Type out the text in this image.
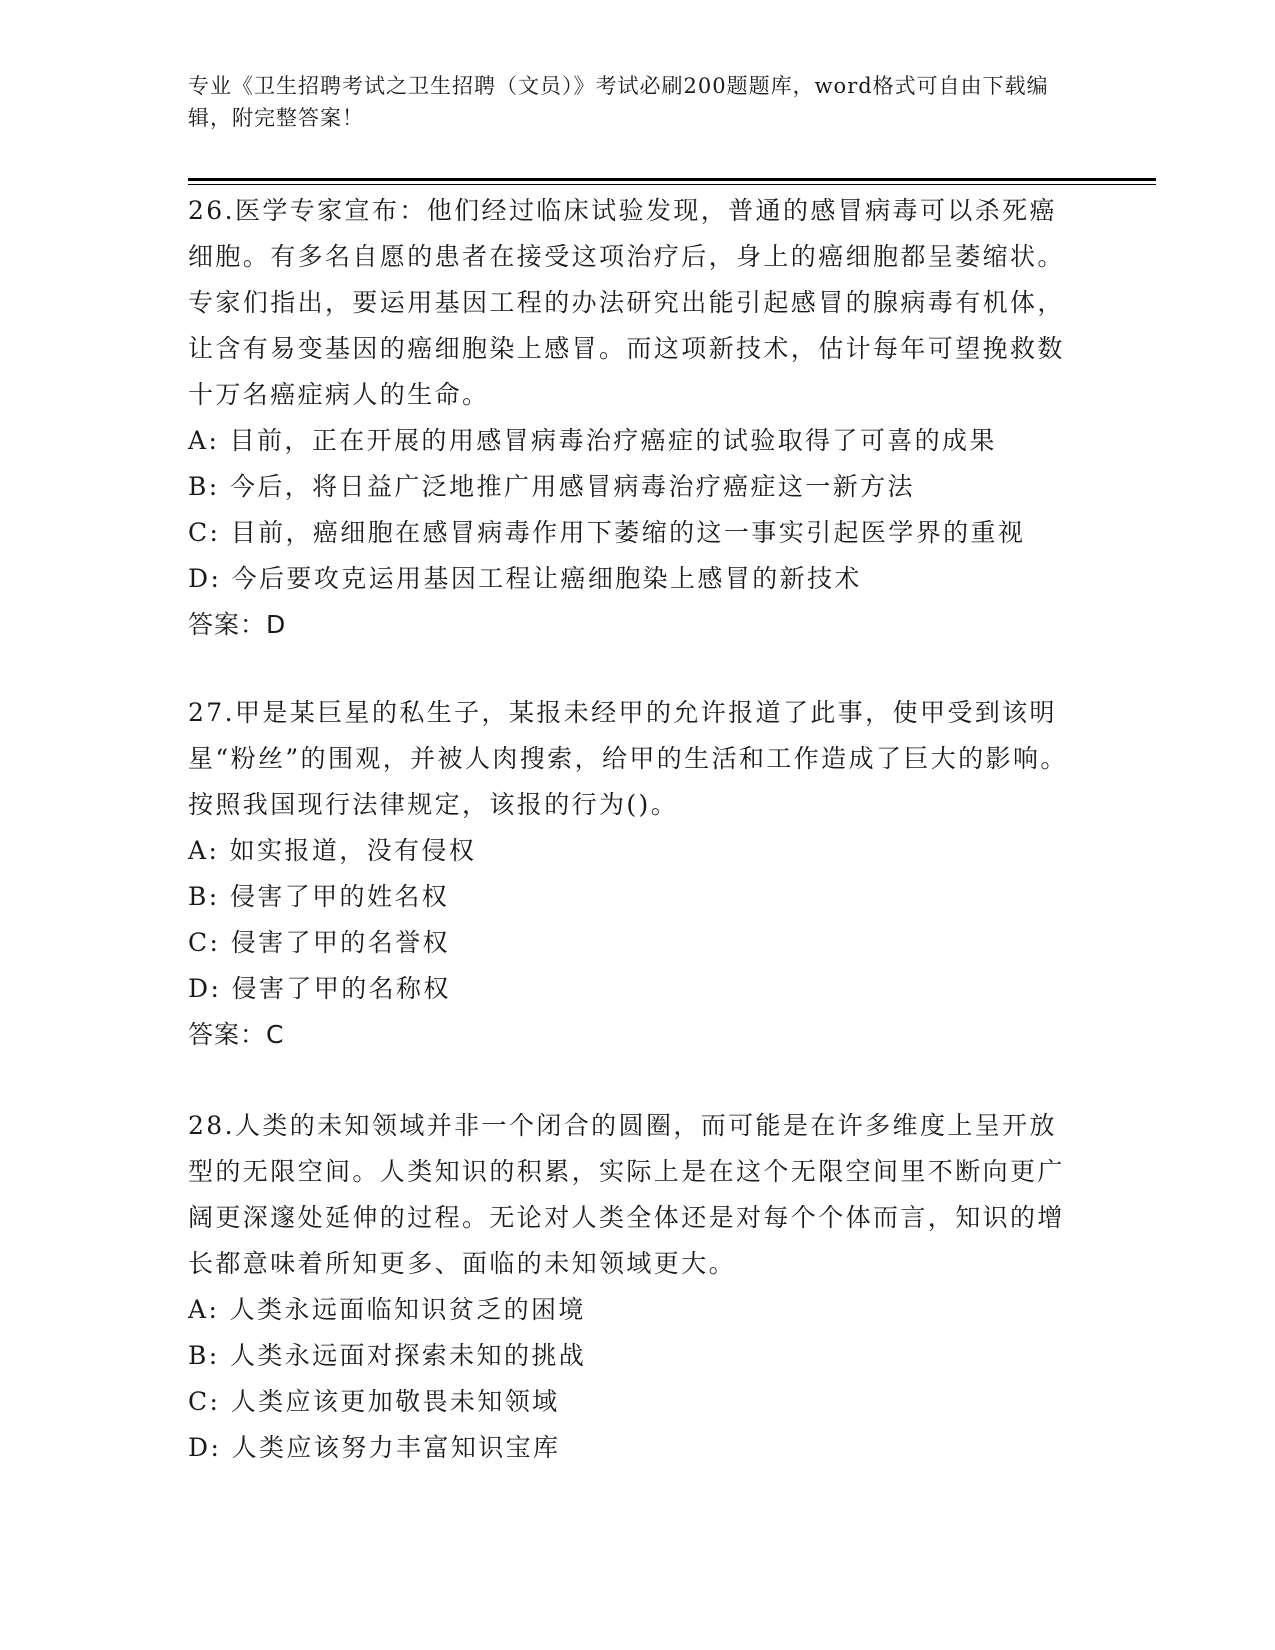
专业《卫生招聘考试之卫生招聘（文员）》考试必刷200题题库，word格式可自由下载编辑，附完整答案！

26.医学专家宣布：他们经过临床试验发现，普通的感冒病毒可以杀死癌细胞。有多名自愿的患者在接受这项治疗后，身上的癌细胞都呈萎缩状。专家们指出，要运用基因工程的办法研究出能引起感冒的腺病毒有机体，让含有易变基因的癌细胞染上感冒。而这项新技术，估计每年可望挽救数十万名癌症病人的生命。

A: 目前，正在开展的用感冒病毒治疗癌症的试验取得了可喜的成果

B: 今后，将日益广泛地推广用感冒病毒治疗癌症这一新方法

C: 目前，癌细胞在感冒病毒作用下萎缩的这一事实引起医学界的重视

D: 今后要攻克运用基因工程让癌细胞染上感冒的新技术

答案：D

27.甲是某巨星的私生子，某报未经甲的允许报道了此事，使甲受到该明星“粉丝”的围观，并被人肉搜索，给甲的生活和工作造成了巨大的影响。按照我国现行法律规定，该报的行为()。

A: 如实报道，没有侵权

B: 侵害了甲的姓名权

C: 侵害了甲的名誉权

D: 侵害了甲的名称权

答案：C

28.人类的未知领域并非一个闭合的圆圈，而可能是在许多维度上呈开放型的无限空间。人类知识的积累，实际上是在这个无限空间里不断向更广阔更深邃处延伸的过程。无论对人类全体还是对每个个体而言，知识的增长都意味着所知更多、面临的未知领域更大。

A: 人类永远面临知识贫乏的困境

B: 人类永远面对探索未知的挑战

C: 人类应该更加敬畏未知领域

D: 人类应该努力丰富知识宝库
